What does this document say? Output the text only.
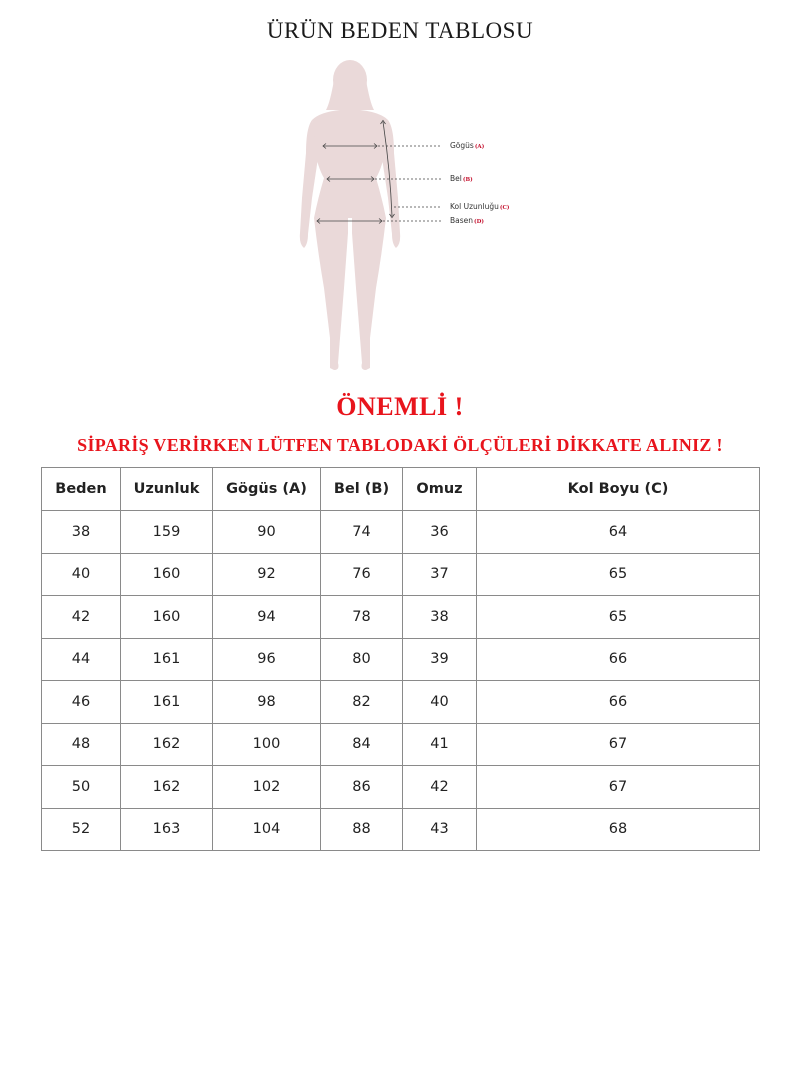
ÜRÜN BEDEN TABLOSU
Gögüs(A)
Bel(B)
Kol Uzunluğu(C)
Basen(D)
ÖNEMLİ !
SİPARİŞ VERİRKEN LÜTFEN TABLODAKİ ÖLÇÜLERİ DİKKATE ALINIZ !
Beden	Uzunluk	Gögüs (A)	Bel (B)	Omuz	Kol Boyu (C)
38	159	90	74	36	64
40	160	92	76	37	65
42	160	94	78	38	65
44	161	96	80	39	66
46	161	98	82	40	66
48	162	100	84	41	67
50	162	102	86	42	67
52	163	104	88	43	68
